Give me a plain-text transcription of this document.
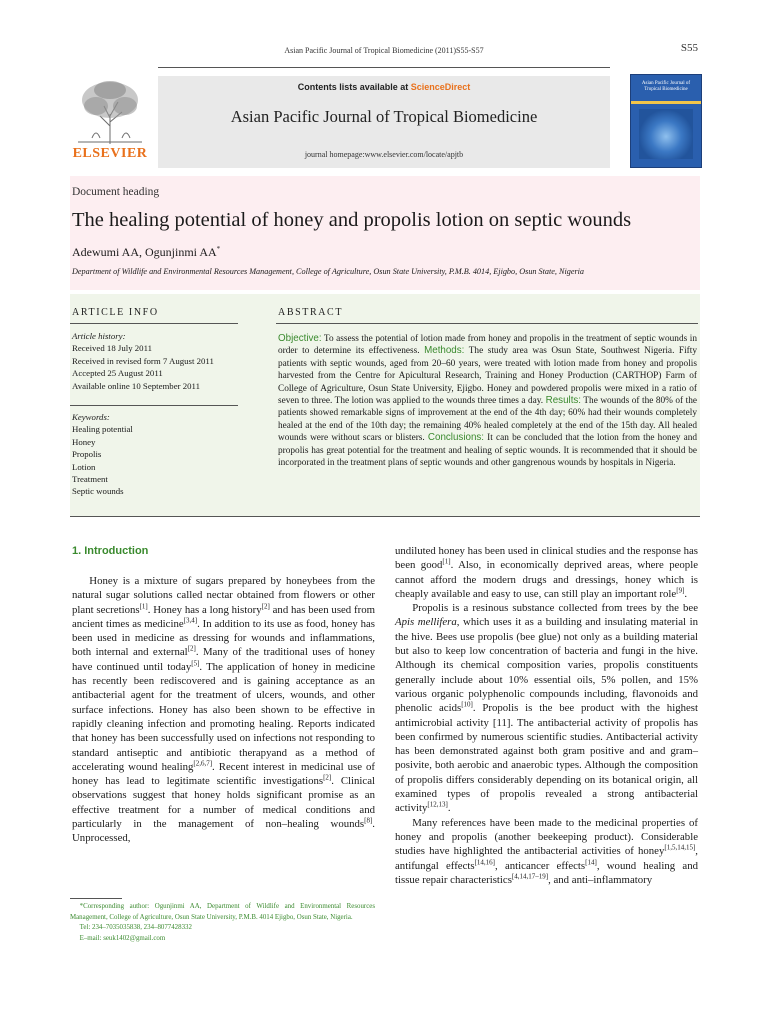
Asian Pacific Journal of Tropical Biomedicine (2011)S55-S57	S55
ELSEVIER
Contents lists available at ScienceDirect
Asian Pacific Journal of Tropical Biomedicine
journal homepage:www.elsevier.com/locate/apjtb
Asian Pacific Journal of Tropical Biomedicine
Document heading
The healing potential of honey and propolis lotion on septic wounds
Adewumi AA, Ogunjinmi AA*
Department of Wildlife and Environmental Resources Management, College of Agriculture, Osun State University, P.M.B. 4014, Ejigbo, Osun State, Nigeria
ARTICLE INFO	ABSTRACT
Article history:
Received 18 July 2011
Received in revised form 7 August 2011
Accepted 25 August 2011
Available online 10 September 2011
Keywords:
Healing potential
Honey
Propolis
Lotion
Treatment
Septic wounds
Objective: To assess the potential of lotion made from honey and propolis in the treatment of septic wounds in order to determine its effectiveness. Methods: The study area was Osun State, Southwest Nigeria. Fifty patients with septic wounds, aged from 20–60 years, were treated with lotion made from honey and propolis harvested from the Centre for Apicultural Research, Training and Honey Production (CARTHOP) Farm of College of Agriculture, Osun State University, Ejigbo. Honey and powdered propolis were mixed in a ratio of seven to three. The lotion was applied to the wounds three times a day. Results: The wounds of the 80% of the patients showed remarkable signs of improvement at the end of the 4th day; 60% had their wounds completely healed at the end of the 10th day; the remaining 40% healed completely at the end of the 15th day. All healed wounds were without scars or blisters. Conclusions: It can be concluded that the lotion from the honey and propolis has great potential for the treatment and healing of septic wounds. It is recommended that it should be incorporated in the treatment plans of septic wounds and other gangrenous wounds by hospitals in Nigeria.
1. Introduction

Honey is a mixture of sugars prepared by honeybees from the natural sugar solutions called nectar obtained from flowers or other plant secretions[1]. Honey has a long history[2] and has been used from ancient times as medicine[3,4]. In addition to its use as food, honey has been used in medicine as dressing for wounds and inflammations, both internal and external[2]. Many of the traditional uses of honey have continued until today[5]. The application of honey in medicine has recently been rediscovered and is gaining acceptance as an antibacterial agent for the treatment of ulcers, wounds, and other surface infections. Honey has also been shown to be effective in rapidly cleaning infection and promoting healing. Reports indicated that honey has been successfully used on infections not responding to standard antiseptic and antibiotic therapyand as a method of accelerating wound healing[2,6,7]. Recent interest in medicinal use of honey has lead to legitimate scientific investigations[2]. Clinical observations suggest that honey holds significant promise as an effective treatment for a number of medical conditions and particularly in the management of non–healing wounds[8]. Unprocessed,

undiluted honey has been used in clinical studies and the response has been good[1]. Also, in economically deprived areas, where people cannot afford the modern drugs and dressings, honey which is cheaply available and easy to use, can still play an important role[9].

Propolis is a resinous substance collected from trees by the bee Apis mellifera, which uses it as a building and insulating material in the hive. Bees use propolis (bee glue) not only as a building material but also to keep low concentration of bacteria and fungi in the hive. Although its chemical composition varies, propolis constituents generally include about 10% essential oils, 5% pollen, and 15% various organic polyphenolic compounds including, flavonoids and phenolic acids[10]. Propolis is the bee product with the highest antimicrobial activity [11]. The antibacterial activity of propolis has been confirmed by numerous scientific studies. Antibacterial activity has been demonstrated against both gram positive and and gram–posivite, both aerobic and anaerobic types. Although the composition of propolis differs considerably depending on its botanical origin, all examined types of propolis revealed a strong antibacterial activity[12,13].

Many references have been made to the medicinal properties of honey and propolis (another beekeeping product). Considerable studies have highlighted the antibacterial activities of honey[1,5,14,15], antifungal effects[14,16], anticancer effects[14], wound healing and tissue repair characteristics[4,14,17–19], and anti–inflammatory

*Corresponding author: Ogunjinmi AA, Department of Wildlife and Environmental Resources Management, College of Agriculture, Osun State University, P.M.B. 4014 Ejigbo, Osun State, Nigeria.

Tel: 234–7035035838, 234–8077428332

E–mail: seuk1402@gmail.com
